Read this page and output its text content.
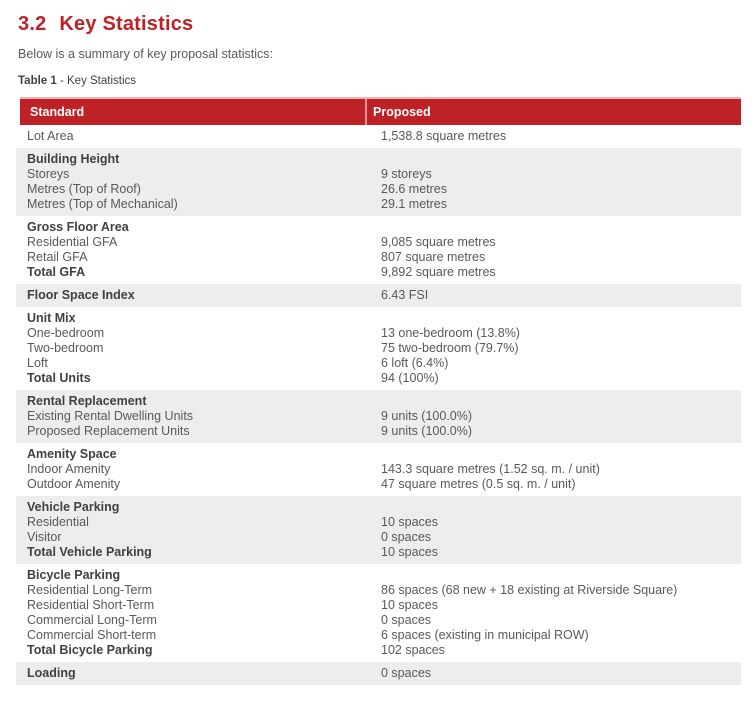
3.2 Key Statistics

Below is a summary of key proposal statistics:

Table 1 - Key Statistics

Standard	Proposed
Lot Area	1,538.8 square metres
Building Height
Storeys	9 storeys
Metres (Top of Roof)	26.6 metres
Metres (Top of Mechanical)	29.1 metres
Gross Floor Area
Residential GFA	9,085 square metres
Retail GFA	807 square metres
Total GFA	9,892 square metres
Floor Space Index	6.43 FSI
Unit Mix
One-bedroom	13 one-bedroom (13.8%)
Two-bedroom	75 two-bedroom (79.7%)
Loft	6 loft (6.4%)
Total Units	94 (100%)
Rental Replacement
Existing Rental Dwelling Units	9 units (100.0%)
Proposed Replacement Units	9 units (100.0%)
Amenity Space
Indoor Amenity	143.3 square metres (1.52 sq. m. / unit)
Outdoor Amenity	47 square metres (0.5 sq. m. / unit)
Vehicle Parking
Residential	10 spaces
Visitor	0 spaces
Total Vehicle Parking	10 spaces
Bicycle Parking
Residential Long-Term	86 spaces (68 new + 18 existing at Riverside Square)
Residential Short-Term	10 spaces
Commercial Long-Term	0 spaces
Commercial Short-term	6 spaces (existing in municipal ROW)
Total Bicycle Parking	102 spaces
Loading	0 spaces
